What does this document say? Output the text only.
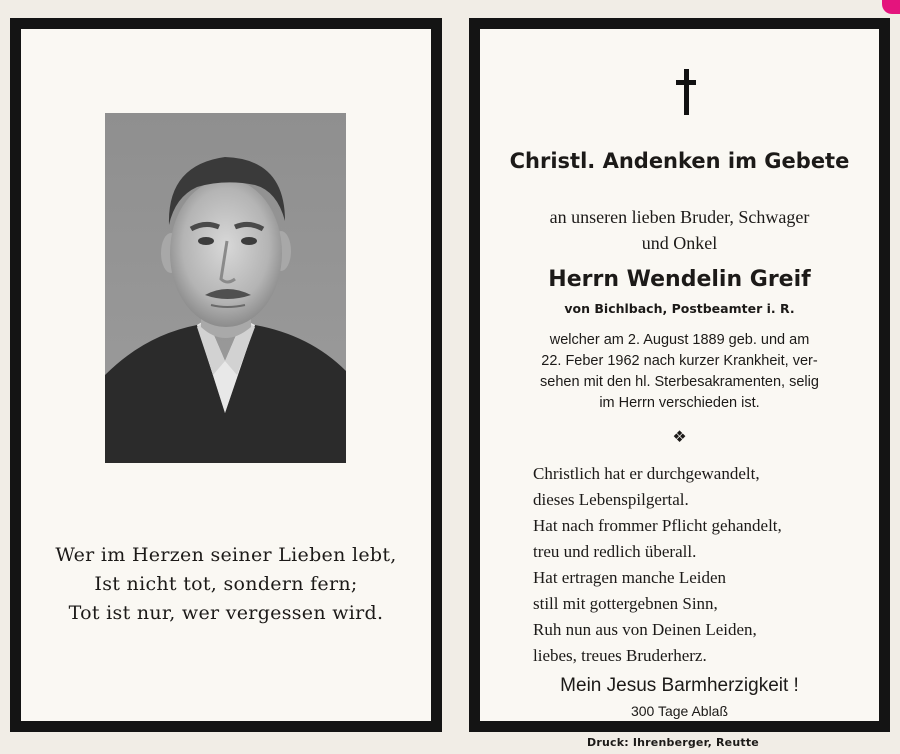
Wer im Herzen seiner Lieben lebt,
Ist nicht tot, sondern fern;
Tot ist nur, wer vergessen wird.
Christl. Andenken im Gebete
an unseren lieben Bruder, Schwager
und Onkel
Herrn Wendelin Greif
von Bichlbach, Postbeamter i. R.
welcher am 2. August 1889 geb. und am
22. Feber 1962 nach kurzer Krankheit, ver-
sehen mit den hl. Sterbesakramenten, selig
im Herrn verschieden ist.
❖
Christlich hat er durchgewandelt,
dieses Lebenspilgertal.
Hat nach frommer Pflicht gehandelt,
treu und redlich überall.
Hat ertragen manche Leiden
still mit gottergebnen Sinn,
Ruh nun aus von Deinen Leiden,
liebes, treues Bruderherz.
Mein Jesus Barmherzigkeit !
300 Tage Ablaß
Druck: Ihrenberger, Reutte
